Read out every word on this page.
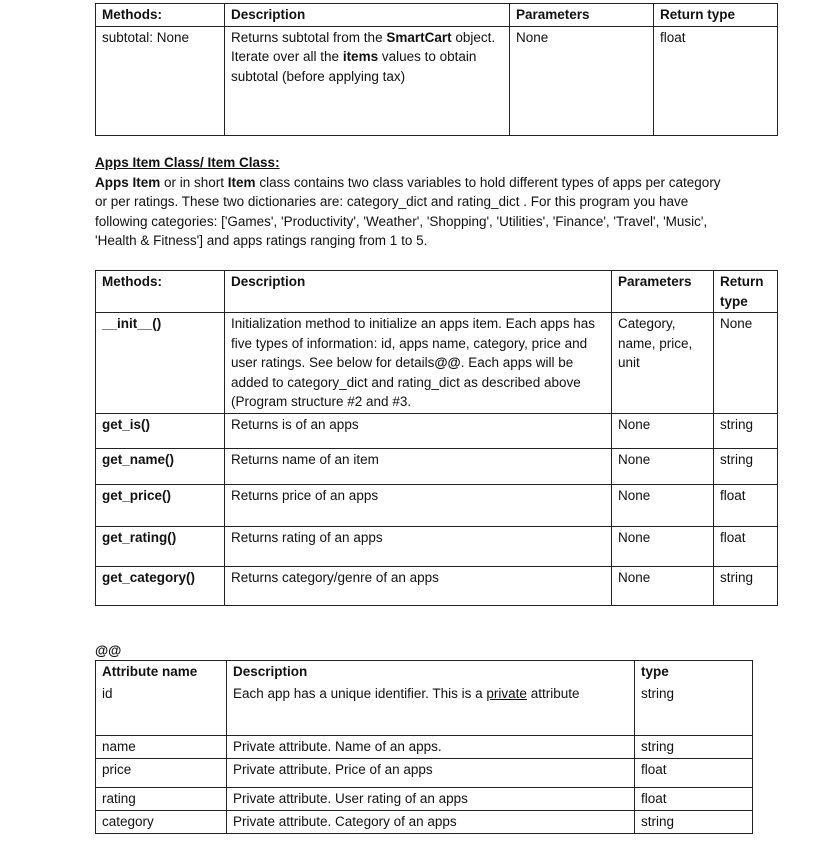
Methods:	Description	Parameters	Return type
subtotal: None	Returns subtotal from the SmartCart object. Iterate over all the items values to obtain subtotal (before applying tax)	None	float
Apps Item Class/ Item Class:
Apps Item or in short Item class contains two class variables to hold different types of apps per category or per ratings. These two dictionaries are: category_dict and rating_dict . For this program you have following categories: ['Games', 'Productivity', 'Weather', 'Shopping', 'Utilities', 'Finance', 'Travel', 'Music', 'Health & Fitness'] and apps ratings ranging from 1 to 5.
Methods:	Description	Parameters	Return type
__init__()	Initialization method to initialize an apps item. Each apps has five types of information: id, apps name, category, price and user ratings. See below for details@@. Each apps will be added to category_dict and rating_dict as described above (Program structure #2 and #3.	Category, name, price, unit	None
get_is()	Returns is of an apps	None	string
get_name()	Returns name of an item	None	string
get_price()	Returns price of an apps	None	float
get_rating()	Returns rating of an apps	None	float
get_category()	Returns category/genre of an apps	None	string
@@
Attribute name	Description	type
id	Each app has a unique identifier. This is a private attribute	string
name	Private attribute. Name of an apps.	string
price	Private attribute. Price of an apps	float
rating	Private attribute. User rating of an apps	float
category	Private attribute. Category of an apps	string
